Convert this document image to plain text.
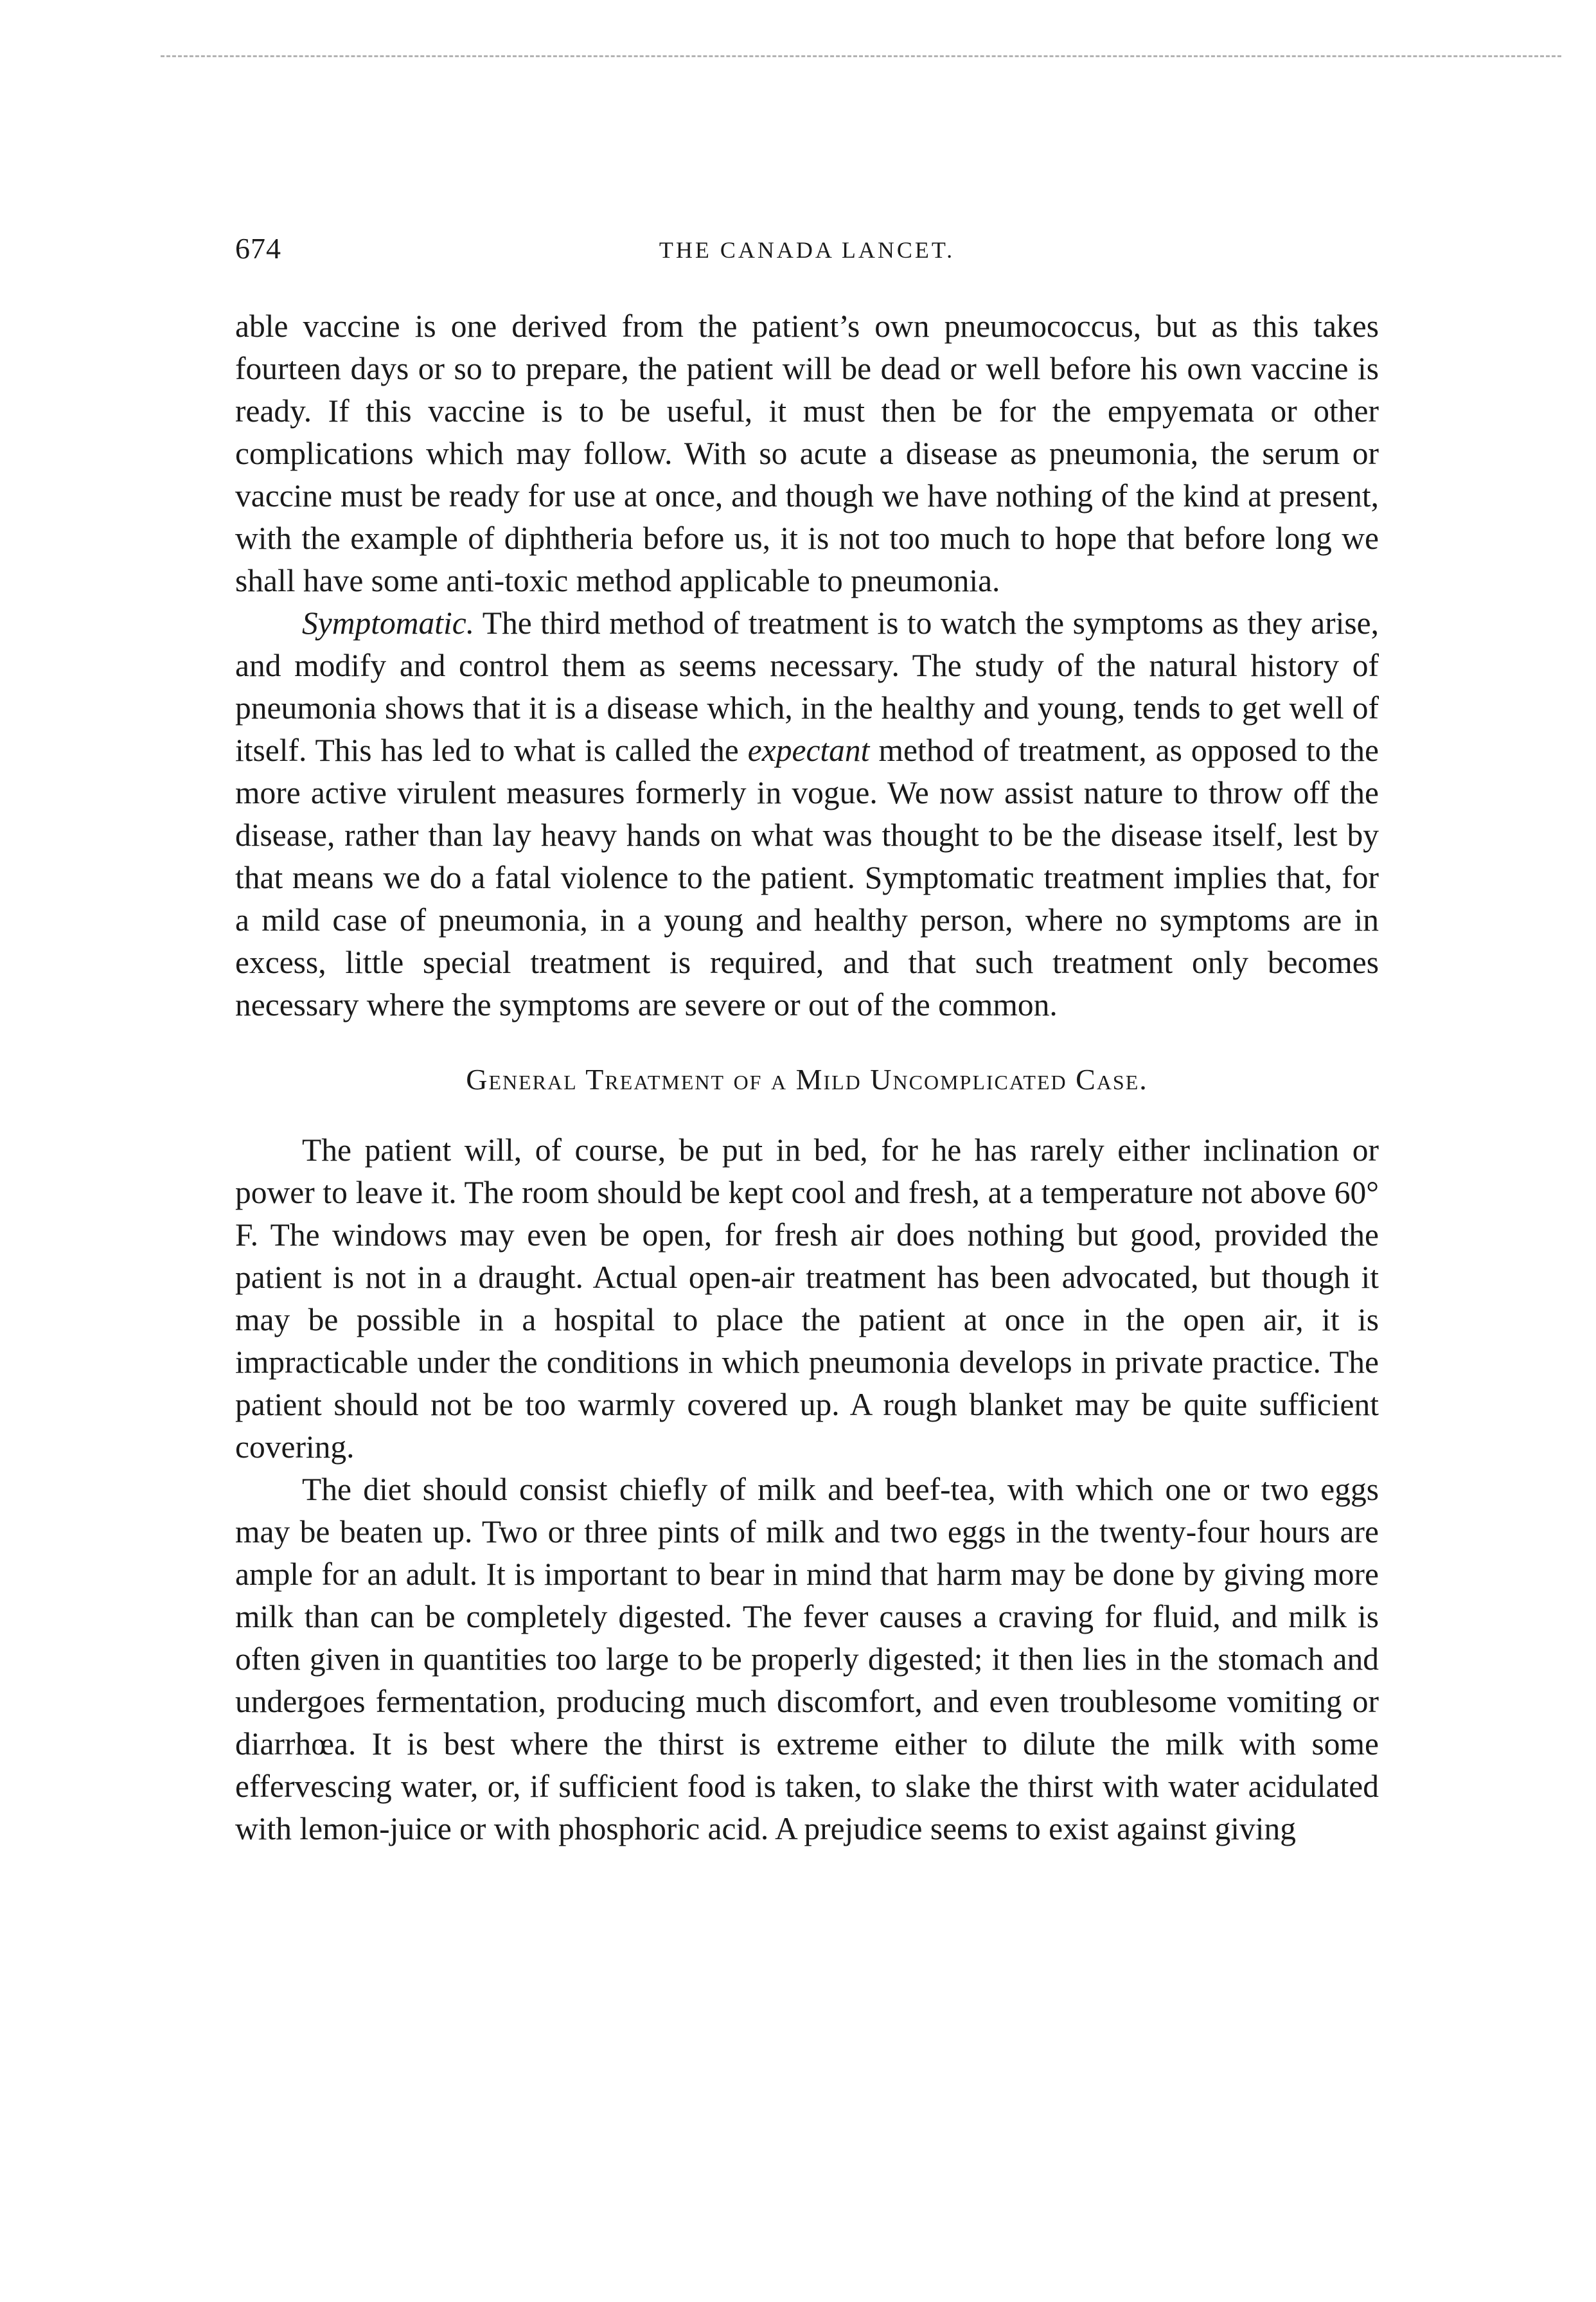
674	THE CANADA LANCET.

able vaccine is one derived from the patient’s own pneumococcus, but as this takes fourteen days or so to prepare, the patient will be dead or well before his own vaccine is ready. If this vaccine is to be useful, it must then be for the empyemata or other complications which may follow. With so acute a disease as pneumonia, the serum or vaccine must be ready for use at once, and though we have nothing of the kind at present, with the example of diphtheria before us, it is not too much to hope that before long we shall have some anti-toxic method applicable to pneumonia.

Symptomatic. The third method of treatment is to watch the symptoms as they arise, and modify and control them as seems necessary. The study of the natural history of pneumonia shows that it is a disease which, in the healthy and young, tends to get well of itself. This has led to what is called the expectant method of treatment, as opposed to the more active virulent measures formerly in vogue. We now assist nature to throw off the disease, rather than lay heavy hands on what was thought to be the disease itself, lest by that means we do a fatal violence to the patient. Symptomatic treatment implies that, for a mild case of pneumonia, in a young and healthy person, where no symptoms are in excess, little special treatment is required, and that such treatment only becomes necessary where the symptoms are severe or out of the common.

General Treatment of a Mild Uncomplicated Case.

The patient will, of course, be put in bed, for he has rarely either inclination or power to leave it. The room should be kept cool and fresh, at a temperature not above 60° F. The windows may even be open, for fresh air does nothing but good, provided the patient is not in a draught. Actual open-air treatment has been advocated, but though it may be possible in a hospital to place the patient at once in the open air, it is impracticable under the conditions in which pneumonia develops in private practice. The patient should not be too warmly covered up. A rough blanket may be quite sufficient covering.

The diet should consist chiefly of milk and beef-tea, with which one or two eggs may be beaten up. Two or three pints of milk and two eggs in the twenty-four hours are ample for an adult. It is important to bear in mind that harm may be done by giving more milk than can be completely digested. The fever causes a craving for fluid, and milk is often given in quantities too large to be properly digested; it then lies in the stomach and undergoes fermentation, producing much discomfort, and even troublesome vomiting or diarrhœa. It is best where the thirst is extreme either to dilute the milk with some effervescing water, or, if sufficient food is taken, to slake the thirst with water acidulated with lemon-juice or with phosphoric acid. A prejudice seems to exist against giving
